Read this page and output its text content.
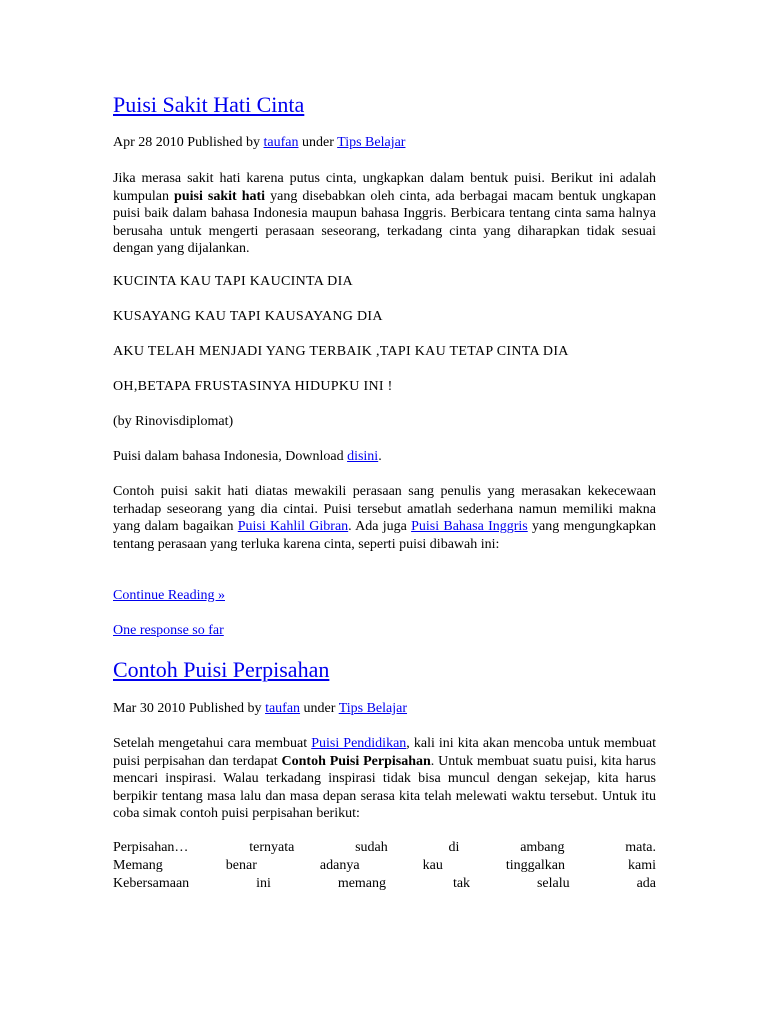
Puisi Sakit Hati Cinta
Apr 28 2010 Published by taufan under Tips Belajar

Jika merasa sakit hati karena putus cinta, ungkapkan dalam bentuk puisi. Berikut ini adalah kumpulan puisi sakit hati yang disebabkan oleh cinta, ada berbagai macam bentuk ungkapan puisi baik dalam bahasa Indonesia maupun bahasa Inggris. Berbicara tentang cinta sama halnya berusaha untuk mengerti perasaan seseorang, terkadang cinta yang diharapkan tidak sesuai dengan yang dijalankan.

KUCINTA KAU TAPI KAUCINTA DIA

KUSAYANG KAU TAPI KAUSAYANG DIA

AKU TELAH MENJADI YANG TERBAIK ,TAPI KAU TETAP CINTA DIA

OH,BETAPA FRUSTASINYA HIDUPKU INI !

(by Rinovisdiplomat)

Puisi dalam bahasa Indonesia, Download disini.

Contoh puisi sakit hati diatas mewakili perasaan sang penulis yang merasakan kekecewaan terhadap seseorang yang dia cintai. Puisi tersebut amatlah sederhana namun memiliki makna yang dalam bagaikan Puisi Kahlil Gibran. Ada juga Puisi Bahasa Inggris yang mengungkapkan tentang perasaan yang terluka karena cinta, seperti puisi dibawah ini:

Continue Reading »
One response so far
Contoh Puisi Perpisahan
Mar 30 2010 Published by taufan under Tips Belajar

Setelah mengetahui cara membuat Puisi Pendidikan, kali ini kita akan mencoba untuk membuat puisi perpisahan dan terdapat Contoh Puisi Perpisahan. Untuk membuat suatu puisi, kita harus mencari inspirasi. Walau terkadang inspirasi tidak bisa muncul dengan sekejap, kita harus berpikir tentang masa lalu dan masa depan serasa kita telah melewati waktu tersebut. Untuk itu coba simak contoh puisi perpisahan berikut:

Perpisahan… ternyata sudah di ambang mata.

Memang benar adanya kau tinggalkan kami

Kebersamaan ini memang tak selalu ada
